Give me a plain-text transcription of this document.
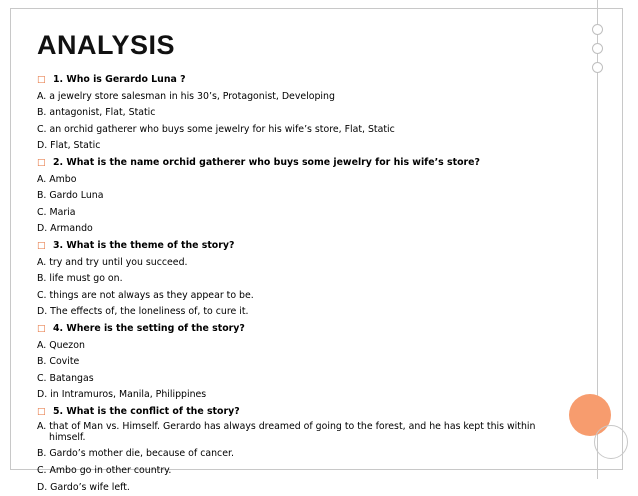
ANALYSIS
□ 1. Who is Gerardo Luna ?
A. a jewelry store salesman in his 30’s, Protagonist, Developing
B. antagonist, Flat, Static
C. an orchid gatherer who buys some jewelry for his wife’s store, Flat, Static
D. Flat, Static
□ 2. What is the name orchid gatherer who buys some jewelry for his wife’s store?
A. Ambo
B. Gardo Luna
C. Maria
D. Armando
□ 3. What is the theme of the story?
A. try and try until you succeed.
B. life must go on.
C. things are not always as they appear to be.
D. The effects of, the loneliness of, to cure it.
□ 4. Where is the setting of the story?
A. Quezon
B. Covite
C. Batangas
D. in Intramuros, Manila, Philippines
□ 5. What is the conflict of the story?
A. that of Man vs. Himself. Gerardo has always dreamed of going to the forest, and he has kept this within
himself.
B. Gardo’s mother die, because of cancer.
C. Ambo go in other country.
D. Gardo’s wife left.
